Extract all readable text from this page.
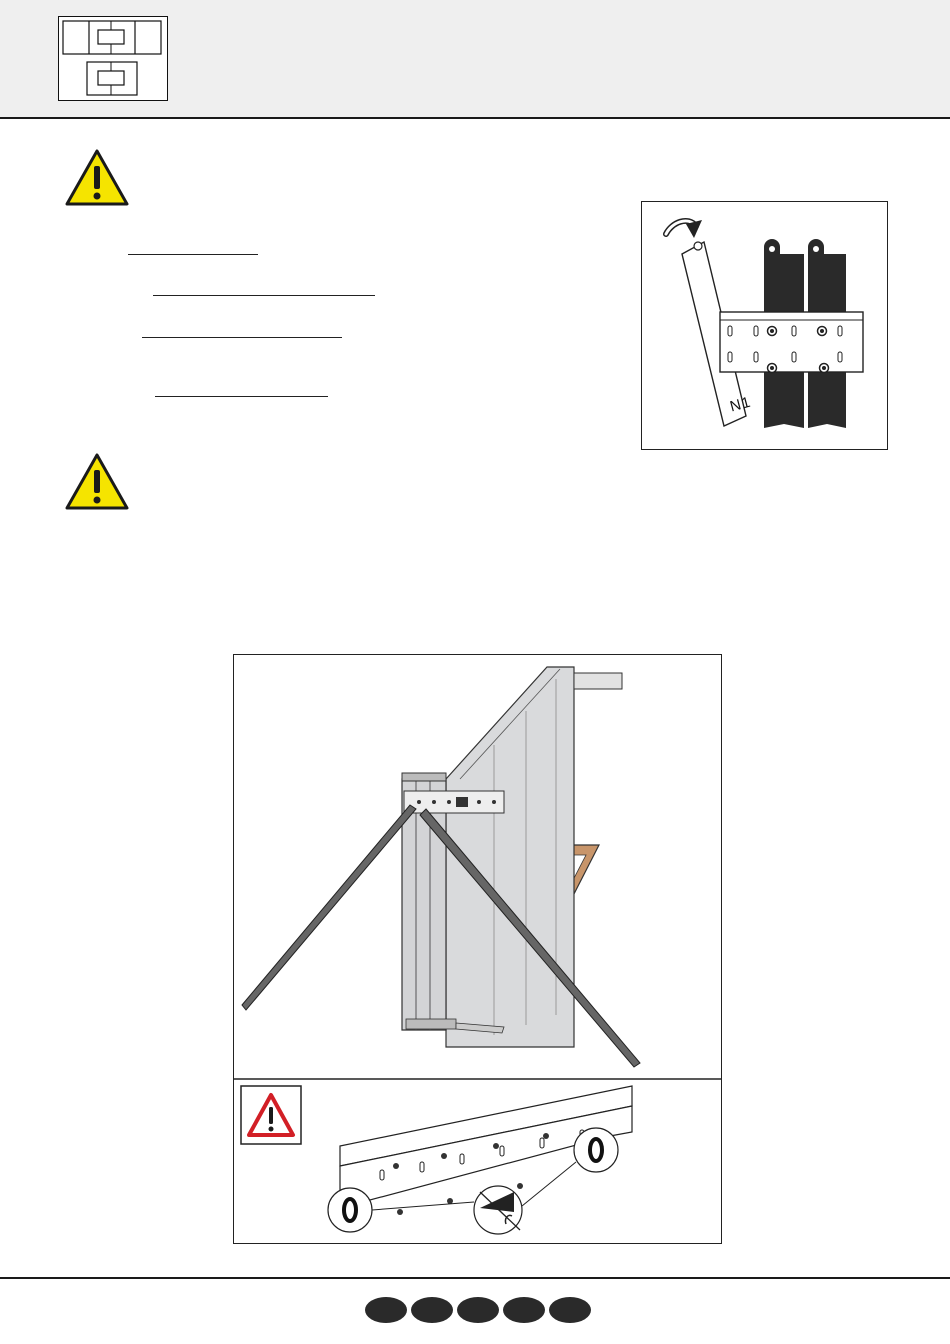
N1
